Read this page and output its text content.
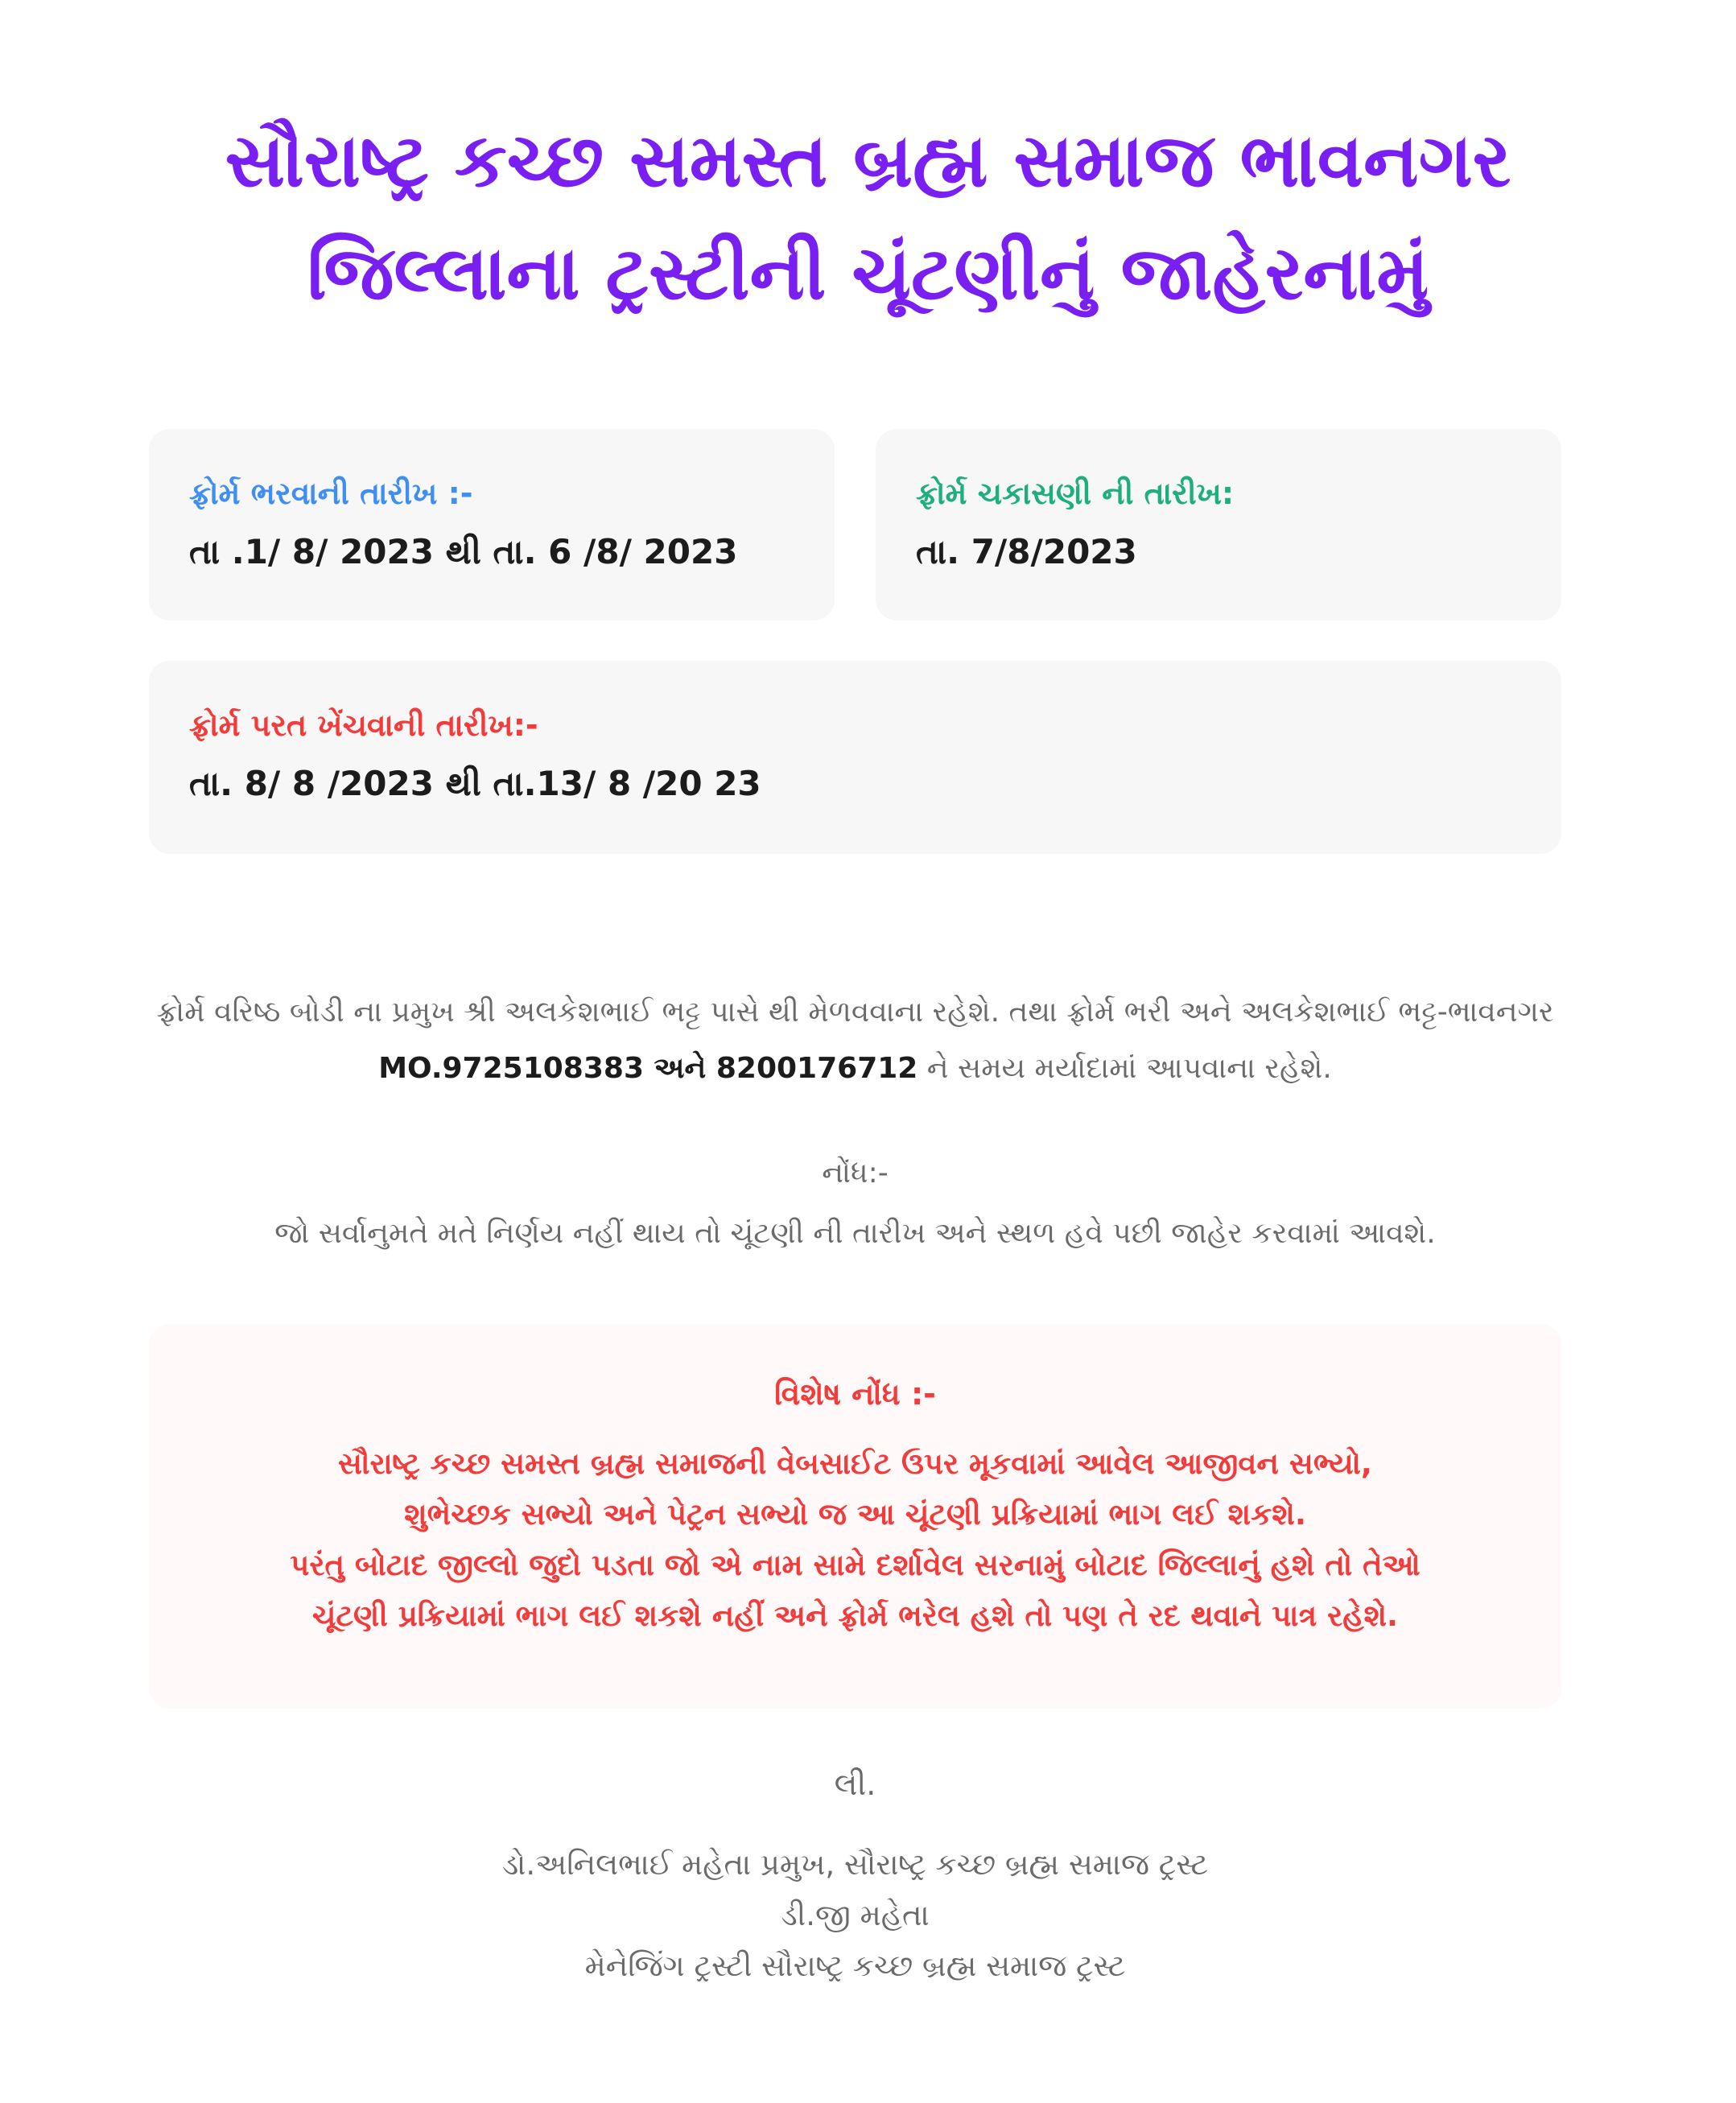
સૌરાષ્ટ્ર કચ્છ સમસ્ત બ્રહ્મ સમાજ ભાવનગર
જિલ્લાના ટ્રસ્ટીની ચૂંટણીનું જાહેરનામું
ફ્રોર્મ ભરવાની તારીખ :-
તા .1/ 8/ 2023 થી તા. 6 /8/ 2023
ફ્રોર્મ ચકાસણી ની તારીખ:
તા. 7/8/2023
ફ્રોર્મ પરત ખેંચવાની તારીખ:-
તા. 8/ 8 /2023 થી તા.13/ 8 /20 23

ફ્રોર્મ વરિષ્ઠ બોડી ના પ્રમુખ શ્રી અલકેશભાઈ ભટ્ટ પાસે થી મેળવવાના રહેશે. તથા ફ્રોર્મ ભરી અને અલકેશભાઈ ભટ્ટ-ભાવનગર MO.9725108383 અને 8200176712 ને સમય મર્યાદામાં આપવાના રહેશે.

નોંધ:-
જો સર્વાનુમતે મતે નિર્ણય નહીં થાય તો ચૂંટણી ની તારીખ અને સ્થળ હવે પછી જાહેર કરવામાં આવશે.
વિશેષ નોંધ :-
સૌરાષ્ટ્ર કચ્છ સમસ્ત બ્રહ્મ સમાજની વેબસાઈટ ઉપર મૂકવામાં આવેલ આજીવન સભ્યો,
શુભેચ્છક સભ્યો અને પેટ્રન સભ્યો જ આ ચૂંટણી પ્રક્રિયામાં ભાગ લઈ શકશે.
પરંતુ બોટાદ જીલ્લો જુદો પડતા જો એ નામ સામે દર્શાવેલ સરનામું બોટાદ જિલ્લાનું હશે તો તેઓ
ચૂંટણી પ્રક્રિયામાં ભાગ લઈ શકશે નહીં અને ફ્રોર્મ ભરેલ હશે તો પણ તે રદ થવાને પાત્ર રહેશે.
લી.
ડો.અનિલભાઈ મહેતા પ્રમુખ, સૌરાષ્ટ્ર કચ્છ બ્રહ્મ સમાજ ટ્રસ્ટ
ડી.જી મહેતા
મેનેજિંગ ટ્રસ્ટી સૌરાષ્ટ્ર કચ્છ બ્રહ્મ સમાજ ટ્રસ્ટ
